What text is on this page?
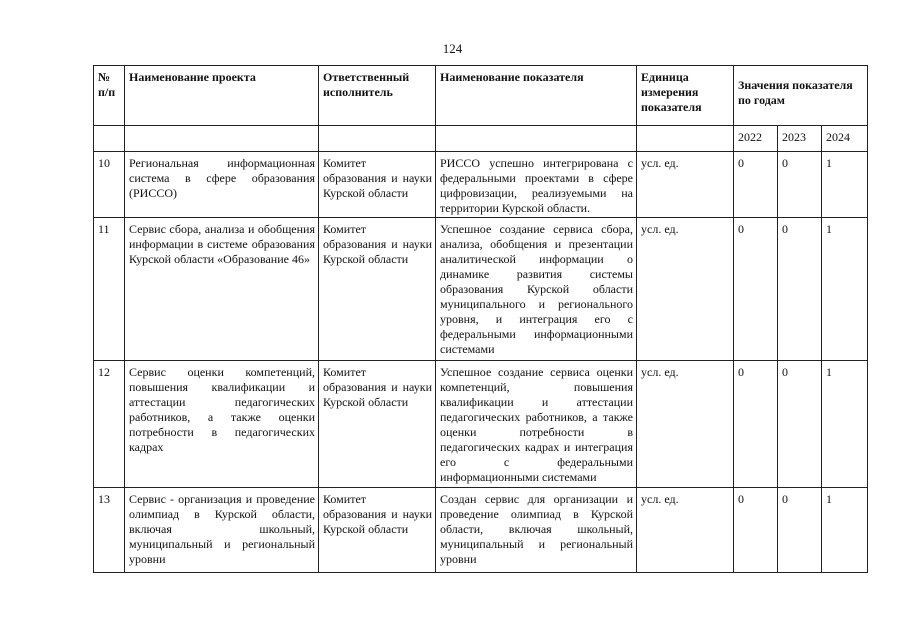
124
№ п/п	Наименование проекта	Ответственный исполнитель	Наименование показателя	Единица измерения показателя	Значения показателя по годам		
					2022	2023	2024
10	Региональная информационная система в сфере образования (РИССО)	Комитет образования и науки Курской области	РИССО успешно интегрирована с федеральными проектами в сфере цифровизации, реализуемыми на территории Курской области.	усл. ед.	0	0	1
11	Сервис сбора, анализа и обобщения информации в системе образования Курской области «Образование 46»	Комитет образования и науки Курской области	Успешное создание сервиса сбора, анализа, обобщения и презентации аналитической информации о динамике развития системы образования Курской области муниципального и регионального уровня, и интеграция его с федеральными информационными системами	усл. ед.	0	0	1
12	Сервис оценки компетенций, повышения квалификации и аттестации педагогических работников, а также оценки потребности в педагогических кадрах	Комитет образования и науки Курской области	Успешное создание сервиса оценки компетенций, повышения квалификации и аттестации педагогических работников, а также оценки потребности в педагогических кадрах и интеграция его с федеральными информационными системами	усл. ед.	0	0	1
13	Сервис - организация и проведение олимпиад в Курской области, включая школьный, муниципальный и региональный уровни	Комитет образования и науки Курской области	Создан сервис для организации и проведение олимпиад в Курской области, включая школьный, муниципальный и региональный уровни	усл. ед.	0	0	1
